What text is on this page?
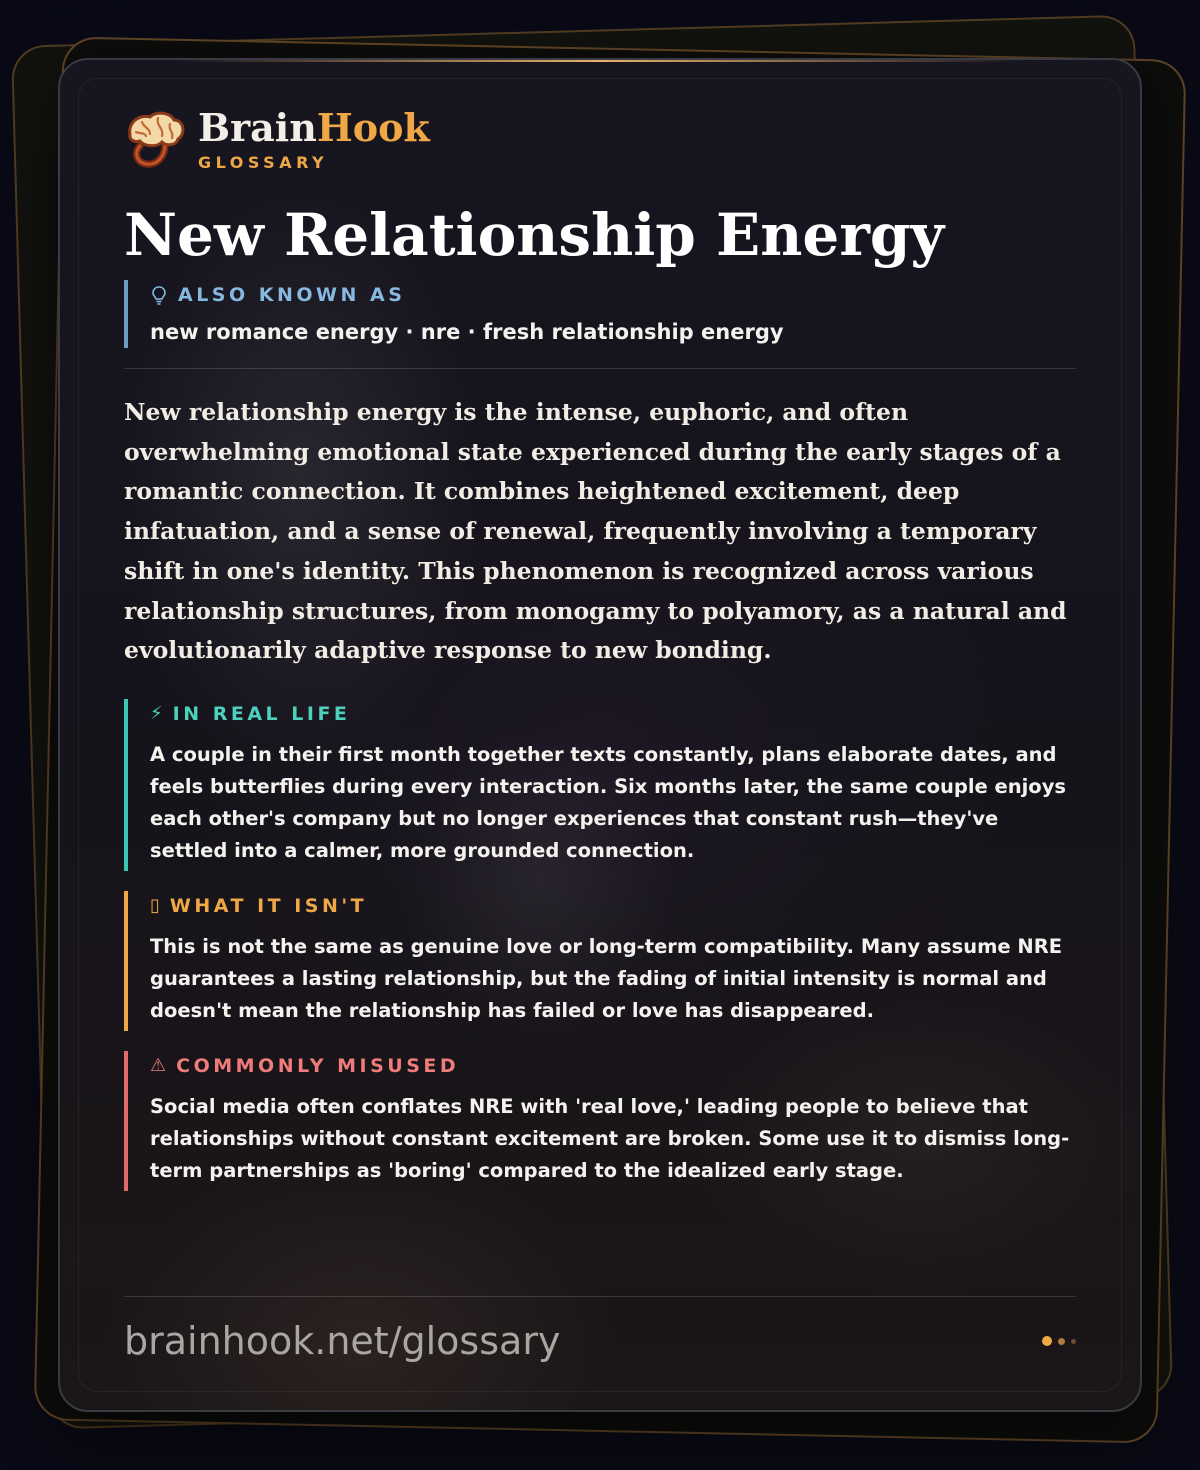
BrainHook
GLOSSARY
New Relationship Energy
ALSO KNOWN AS
new romance energy · nre · fresh relationship energy

New relationship energy is the intense, euphoric, and often overwhelming emotional state experienced during the early stages of a romantic connection. It combines heightened excitement, deep infatuation, and a sense of renewal, frequently involving a temporary shift in one's identity. This phenomenon is recognized across various relationship structures, from monogamy to polyamory, as a natural and evolutionarily adaptive response to new bonding.

⚡ IN REAL LIFE
A couple in their first month together texts constantly, plans elaborate dates, and feels butterflies during every interaction. Six months later, the same couple enjoys each other's company but no longer experiences that constant rush—they've settled into a calmer, more grounded connection.
▯ WHAT IT ISN'T
This is not the same as genuine love or long-term compatibility. Many assume NRE guarantees a lasting relationship, but the fading of initial intensity is normal and doesn't mean the relationship has failed or love has disappeared.
⚠ COMMONLY MISUSED
Social media often conflates NRE with 'real love,' leading people to believe that relationships without constant excitement are broken. Some use it to dismiss long-term partnerships as 'boring' compared to the idealized early stage.
brainhook.net/glossary
